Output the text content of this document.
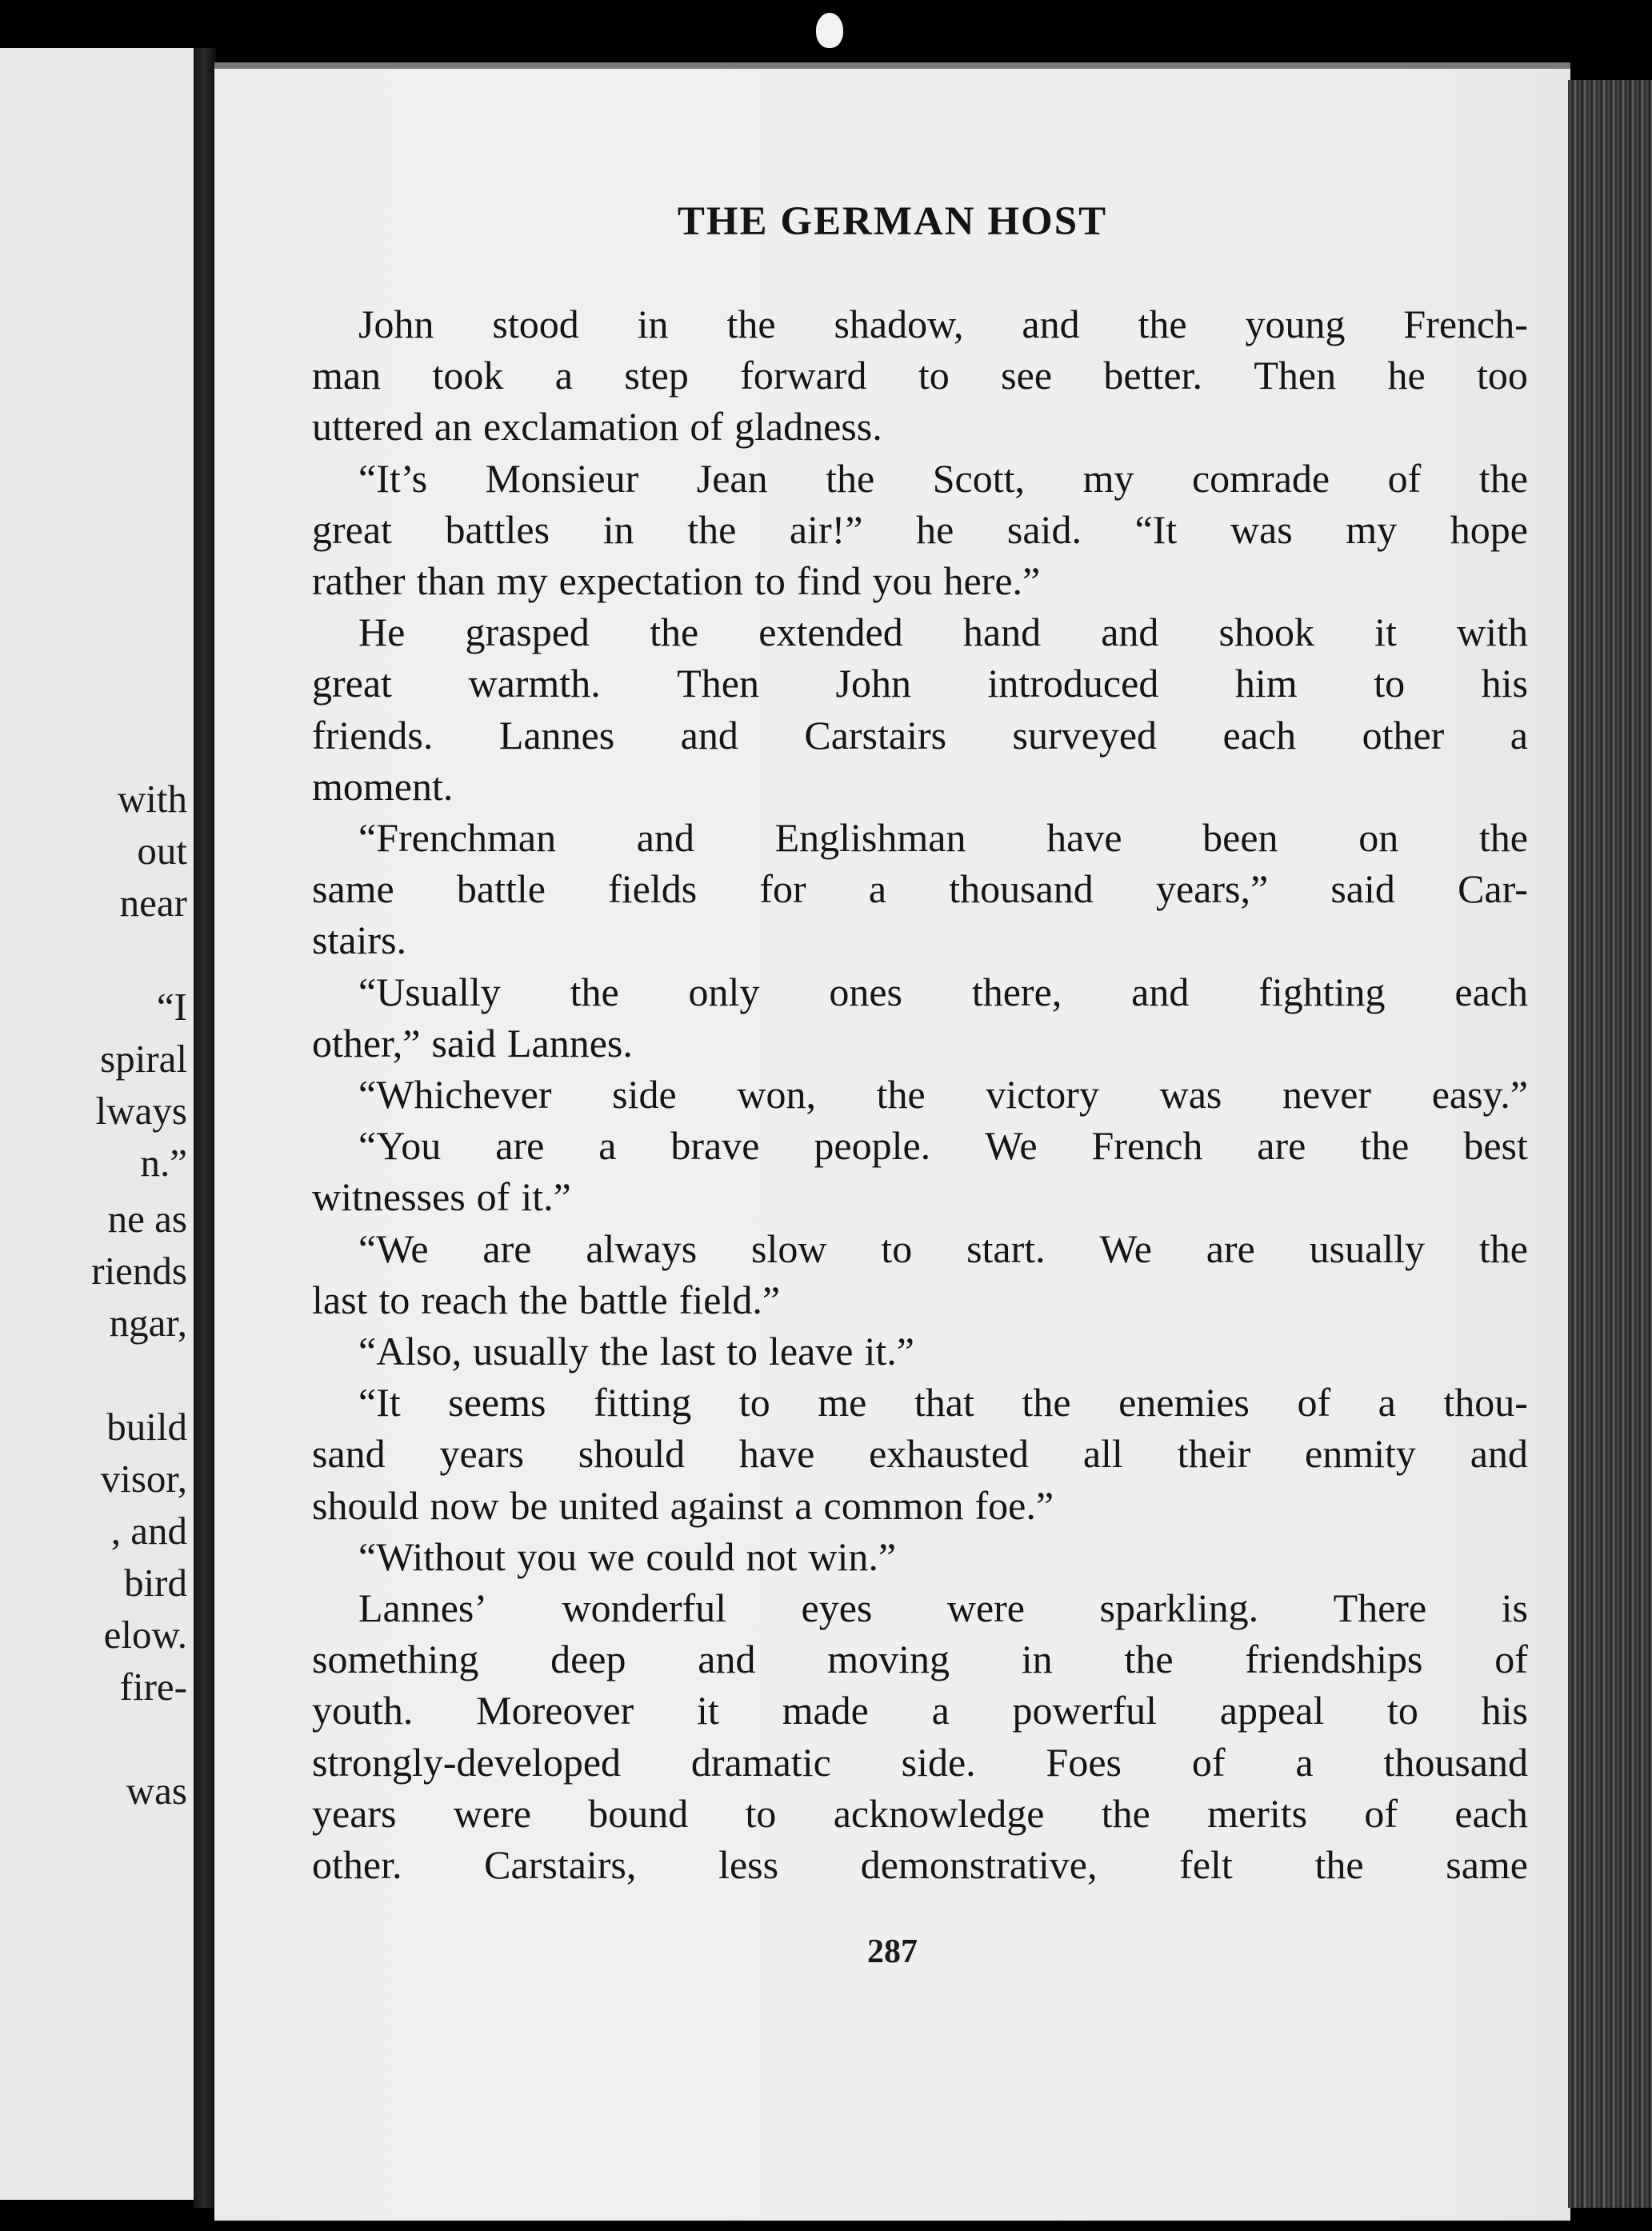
with
out
near
“I
spiral
lways
n.”
ne as
riends
ngar,
build
visor,
, and
bird
elow.
fire-
was
THE GERMAN HOST
John stood in the shadow, and the young French-
man took a step forward to see better. Then he too
uttered an exclamation of gladness.
“It’s Monsieur Jean the Scott, my comrade of the
great battles in the air!” he said. “It was my hope
rather than my expectation to find you here.”
He grasped the extended hand and shook it with
great warmth. Then John introduced him to his
friends. Lannes and Carstairs surveyed each other a
moment.
“Frenchman and Englishman have been on the
same battle fields for a thousand years,” said Car-
stairs.
“Usually the only ones there, and fighting each
other,” said Lannes.
“Whichever side won, the victory was never easy.”
“You are a brave people. We French are the best
witnesses of it.”
“We are always slow to start. We are usually the
last to reach the battle field.”
“Also, usually the last to leave it.”
“It seems fitting to me that the enemies of a thou-
sand years should have exhausted all their enmity and
should now be united against a common foe.”
“Without you we could not win.”
Lannes’ wonderful eyes were sparkling. There is
something deep and moving in the friendships of
youth. Moreover it made a powerful appeal to his
strongly-developed dramatic side. Foes of a thousand
years were bound to acknowledge the merits of each
other. Carstairs, less demonstrative, felt the same
287
